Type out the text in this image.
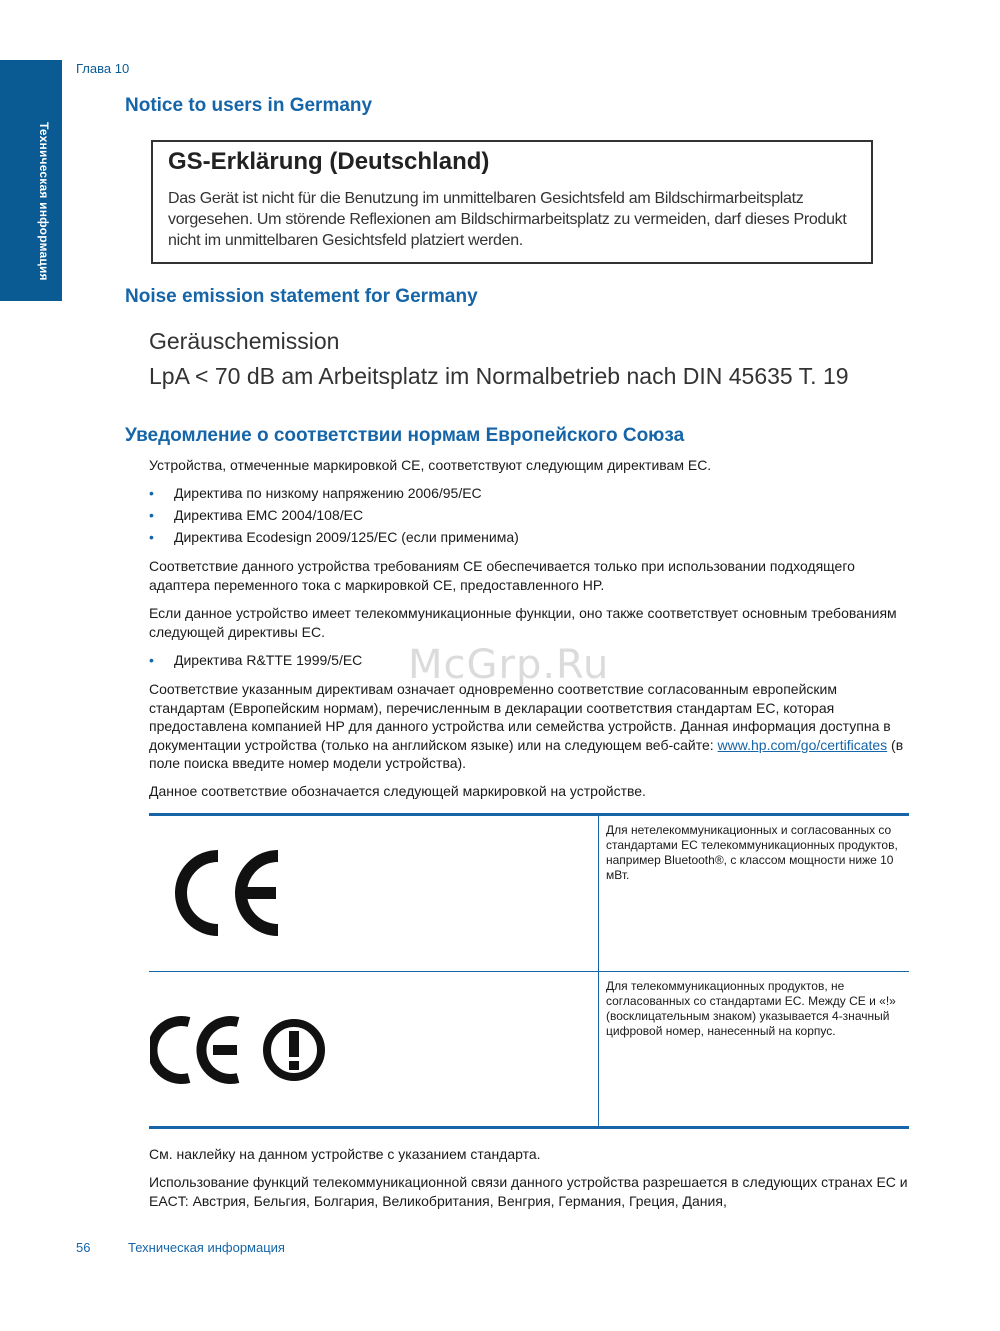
Техническая информация
Глава 10
Notice to users in Germany
GS-Erklärung (Deutschland)
Das Gerät ist nicht für die Benutzung im unmittelbaren Gesichtsfeld am Bildschirmarbeitsplatz vorgesehen. Um störende Reflexionen am Bildschirmarbeitsplatz zu vermeiden, darf dieses Produkt nicht im unmittelbaren Gesichtsfeld platziert werden.
Noise emission statement for Germany
Geräuschemission
LpA < 70 dB am Arbeitsplatz im Normalbetrieb nach DIN 45635 T. 19
Уведомление о соответствии нормам Европейского Союза
Устройства, отмеченные маркировкой CE, соответствуют следующим директивам ЕС.
• Директива по низкому напряжению 2006/95/EC
• Директива EMC 2004/108/EC
• Директива Ecodesign 2009/125/EC (если применима)
Соответствие данного устройства требованиям CE обеспечивается только при использовании подходящего адаптера переменного тока с маркировкой CE, предоставленного HP.
Если данное устройство имеет телекоммуникационные функции, оно также соответствует основным требованиям следующей директивы ЕС.
• Директива R&TTE 1999/5/EC
Соответствие указанным директивам означает одновременно соответствие согласованным европейским стандартам (Европейским нормам), перечисленным в декларации соответствия стандартам ЕС, которая предоставлена компанией HP для данного устройства или семейства устройств. Данная информация доступна в документации устройства (только на английском языке) или на следующем веб-сайте: www.hp.com/go/certificates (в поле поиска введите номер модели устройства).
Данное соответствие обозначается следующей маркировкой на устройстве.
Для нетелекоммуникационных и согласованных со стандартами ЕС телекоммуникационных продуктов, например Bluetooth®, с классом мощности ниже 10 мВт.
Для телекоммуникационных продуктов, не согласованных со стандартами ЕС. Между CE и «!» (восклицательным знаком) указывается 4-значный цифровой номер, нанесенный на корпус.
См. наклейку на данном устройстве с указанием стандарта.
Использование функций телекоммуникационной связи данного устройства разрешается в следующих странах ЕС и EACT: Австрия, Бельгия, Болгария, Великобритания, Венгрия, Германия, Греция, Дания,
McGrp.Ru
56	Техническая информация
